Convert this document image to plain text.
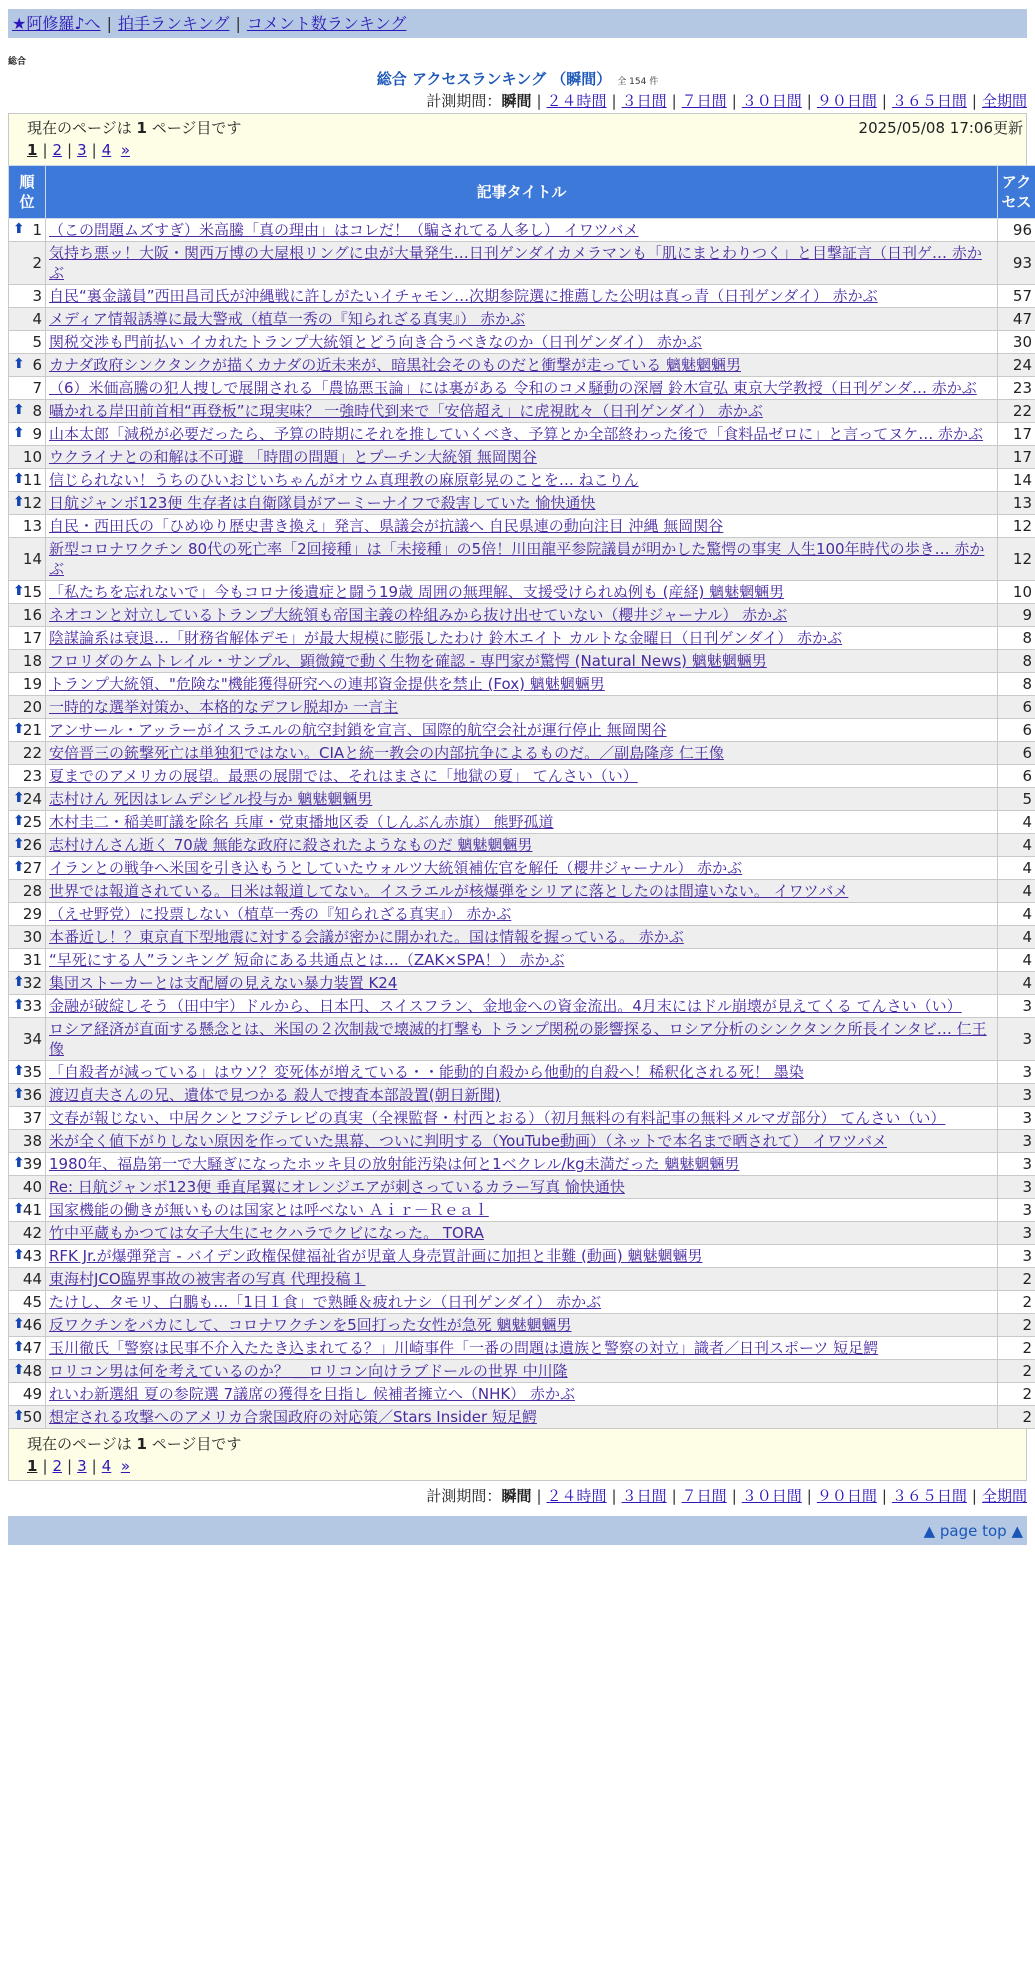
★阿修羅♪へ | 拍手ランキング | コメント数ランキング
総合
総合 アクセスランキング （瞬間） 全 154 件
計測期間：瞬間 | ２４時間 | ３日間 | ７日間 | ３０日間 | ９０日間 | ３６５日間 | 全期間
現在のページは 1 ページ目です	2025/05/08 17:06更新
1 | 2 | 3 | 4 »
順
位	記事タイトル	アク
セス

⬆ 1	（この問題ムズすぎ）米高騰「真の理由」はコレだ！（騙されてる人多し） イワツバメ	96
2	気持ち悪ッ！大阪・関西万博の大屋根リングに虫が大量発生…日刊ゲンダイカメラマンも「肌にまとわりつく」と目撃証言（日刊ゲ… 赤かぶ	93
3	自民“裏金議員”西田昌司氏が沖縄戦に許しがたいイチャモン…次期参院選に推薦した公明は真っ青（日刊ゲンダイ） 赤かぶ	57
4	メディア情報誘導に最大警戒（植草一秀の『知られざる真実』） 赤かぶ	47
5	関税交渉も門前払い イカれたトランプ大統領とどう向き合うべきなのか（日刊ゲンダイ） 赤かぶ	30

⬆ 6	カナダ政府シンクタンクが描くカナダの近未来が、暗黒社会そのものだと衝撃が走っている 魑魅魍魎男	24
7	（6）米価高騰の犯人捜しで展開される「農協悪玉論」には裏がある 令和のコメ騒動の深層 鈴木宣弘 東京大学教授（日刊ゲンダ… 赤かぶ	23

⬆ 8	囁かれる岸田前首相“再登板”に現実味？ 一強時代到来で「安倍超え」に虎視眈々（日刊ゲンダイ） 赤かぶ	22

⬆ 9	山本太郎「減税が必要だったら、予算の時期にそれを推していくべき、予算とか全部終わった後で「食料品ゼロに」と言ってヌケ… 赤かぶ	17
10	ウクライナとの和解は不可避 「時間の問題」とプーチン大統領 無岡関谷	17

⬆
11	信じられない！うちのひいおじいちゃんがオウム真理教の麻原彰晃のことを… ねこりん	14

⬆
12	日航ジャンボ123便 生存者は自衛隊員がアーミーナイフで殺害していた 愉快通快	13
13	自民・西田氏の「ひめゆり歴史書き換え」発言、県議会が抗議へ 自民県連の動向注目 沖縄 無岡関谷	12
14	新型コロナワクチン 80代の死亡率「2回接種」は「未接種」の5倍！川田龍平参院議員が明かした驚愕の事実 人生100年時代の歩き… 赤かぶ	12

⬆
15	「私たちを忘れないで」今もコロナ後遺症と闘う19歳 周囲の無理解、支援受けられぬ例も (産経) 魑魅魍魎男	10
16	ネオコンと対立しているトランプ大統領も帝国主義の枠組みから抜け出せていない（櫻井ジャーナル） 赤かぶ	9
17	陰謀論系は衰退…「財務省解体デモ」が最大規模に膨張したわけ 鈴木エイト カルトな金曜日（日刊ゲンダイ） 赤かぶ	8
18	フロリダのケムトレイル・サンプル、顕微鏡で動く生物を確認 - 専門家が驚愕 (Natural News) 魑魅魍魎男	8
19	トランプ大統領、"危険な"機能獲得研究への連邦資金提供を禁止 (Fox) 魑魅魍魎男	8
20	一時的な選挙対策か、本格的なデフレ脱却か 一言主	6

⬆
21	アンサール・アッラーがイスラエルの航空封鎖を宣言、国際的航空会社が運行停止 無岡関谷	6
22	安倍晋三の銃撃死亡は単独犯ではない。CIAと統一教会の内部抗争によるものだ。／副島隆彦 仁王像	6
23	夏までのアメリカの展望。最悪の展開では、それはまさに「地獄の夏」 てんさい（い）	6

⬆
24	志村けん 死因はレムデシビル投与か 魑魅魍魎男	5

⬆
25	木村圭二・稲美町議を除名 兵庫・党東播地区委（しんぶん赤旗） 熊野孤道	4

⬆
26	志村けんさん逝く 70歳 無能な政府に殺されたようなものだ 魑魅魍魎男	4

⬆
27	イランとの戦争へ米国を引き込もうとしていたウォルツ大統領補佐官を解任（櫻井ジャーナル） 赤かぶ	4
28	世界では報道されている。日米は報道してない。イスラエルが核爆弾をシリアに落としたのは間違いない。 イワツバメ	4
29	（えせ野党）に投票しない（植草一秀の『知られざる真実』） 赤かぶ	4
30	本番近し！？東京直下型地震に対する会議が密かに開かれた。国は情報を握っている。 赤かぶ	4
31	“早死にする人”ランキング 短命にある共通点とは…（ZAK×SPA！） 赤かぶ	4

⬆
32	集団ストーカーとは支配層の見えない暴力装置 K24	4

⬆
33	金融が破綻しそう（田中宇）ドルから、日本円、スイスフラン、金地金への資金流出。4月末にはドル崩壊が見えてくる てんさい（い）	3
34	ロシア経済が直面する懸念とは、米国の２次制裁で壊滅的打撃も トランプ関税の影響探る、ロシア分析のシンクタンク所長インタビ… 仁王像	3

⬆
35	「自殺者が減っている」はウソ？変死体が増えている・・能動的自殺から他動的自殺へ！稀釈化される死！ 墨染	3

⬆
36	渡辺貞夫さんの兄、遺体で見つかる 殺人で捜査本部設置(朝日新聞)	3
37	文春が報じない、中居クンとフジテレビの真実（全裸監督・村西とおる）（初月無料の有料記事の無料メルマガ部分） てんさい（い）	3
38	米が全く値下がりしない原因を作っていた黒幕、ついに判明する（YouTube動画）（ネットで本名まで晒されて） イワツバメ	3

⬆
39	1980年、福島第一で大騒ぎになったホッキ貝の放射能汚染は何と1ベクレル/kg未満だった 魑魅魍魎男	3
40	Re: 日航ジャンボ123便 垂直尾翼にオレンジエアが刺さっているカラー写真 愉快通快	3

⬆
41	国家機能の働きが無いものは国家とは呼べない Ａｉｒ－Ｒｅａｌ	3
42	竹中平蔵もかつては女子大生にセクハラでクビになった。 TORA	3

⬆
43	RFK Jr.が爆弾発言 - バイデン政権保健福祉省が児童人身売買計画に加担と非難 (動画) 魑魅魍魎男	3
44	東海村JCO臨界事故の被害者の写真 代理投稿１	2
45	たけし、タモリ、白鵬も…「1日１食」で熟睡＆疲れナシ（日刊ゲンダイ） 赤かぶ	2

⬆
46	反ワクチンをバカにして、コロナワクチンを5回打った女性が急死 魑魅魍魎男	2

⬆
47	玉川徹氏「警察は民事不介入たたき込まれてる？」川崎事件「一番の問題は遺族と警察の対立」識者／日刊スポーツ 短足鰐	2

⬆
48	ロリコン男は何を考えているのか？ ＿ロリコン向けラブドールの世界 中川隆	2
49	れいわ新選組 夏の参院選 7議席の獲得を目指し 候補者擁立へ（NHK） 赤かぶ	2

⬆
50	想定される攻撃へのアメリカ合衆国政府の対応策／Stars Insider 短足鰐	2
現在のページは 1 ページ目です
1 | 2 | 3 | 4 »
計測期間：瞬間 | ２４時間 | ３日間 | ７日間 | ３０日間 | ９０日間 | ３６５日間 | 全期間
▲ page top ▲
